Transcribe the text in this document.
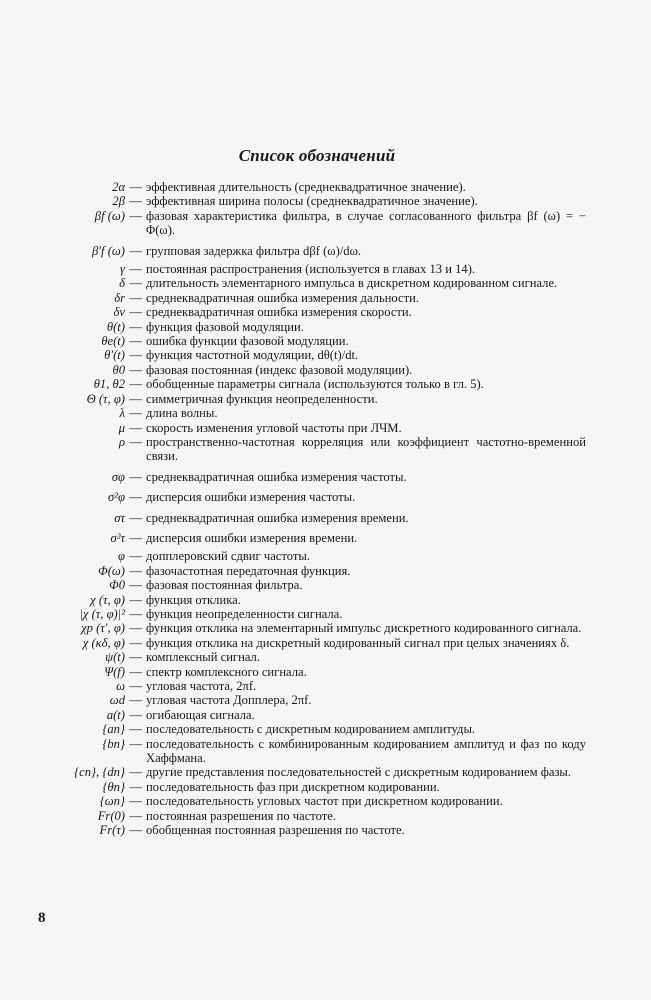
Список обозначений
2α — эффективная длительность (среднеквадратичное значение).
2β — эффективная ширина полосы (среднеквадратичное значение).
βf (ω) — фазовая характеристика фильтра, в случае согласованного фильтра βf (ω) = − Φ(ω).
β′f (ω) — групповая задержка фильтра dβf (ω)/dω.
γ — постоянная распространения (используется в главах 13 и 14).
δ — длительность элементарного импульса в дискретном кодированном сигнале.
δr — среднеквадратичная ошибка измерения дальности.
δv — среднеквадратичная ошибка измерения скорости.
θ(t) — функция фазовой модуляции.
θe(t) — ошибка функции фазовой модуляции.
θ′(t) — функция частотной модуляции, dθ(t)/dt.
θ0 — фазовая постоянная (индекс фазовой модуляции).
θ1, θ2 — обобщенные параметры сигнала (используются только в гл. 5).
Θ (τ, φ) — симметричная функция неопределенности.
λ — длина волны.
μ — скорость изменения угловой частоты при ЛЧМ.
ρ — пространственно-частотная корреляция или коэффициент частотно-временной связи.
σφ — среднеквадратичная ошибка измерения частоты.
σ²φ — дисперсия ошибки измерения частоты.
στ — среднеквадратичная ошибка измерения времени.
σ²τ — дисперсия ошибки измерения времени.
φ — допплеровский сдвиг частоты.
Φ(ω) — фазочастотная передаточная функция.
Φ0 — фазовая постоянная фильтра.
χ (τ, φ) — функция отклика.
|χ (τ, φ)|² — функция неопределенности сигнала.
χp (τ′, φ) — функция отклика на элементарный импульс дискретного кодированного сигнала.
χ (κδ, φ) — функция отклика на дискретный кодированный сигнал при целых значениях δ.
ψ(t) — комплексный сигнал.
Ψ(f) — спектр комплексного сигнала.
ω — угловая частота, 2πf.
ωd — угловая частота Допплера, 2πf.
a(t) — огибающая сигнала.
{an} — последовательность с дискретным кодированием амплитуды.
{bn} — последовательность с комбинированным кодированием амплитуд и фаз по коду Хаффмана.
{cn}, {dn} — другие представления последовательностей с дискретным кодированием фазы.
{θn} — последовательность фаз при дискретном кодировании.
{ωn} — последовательность угловых частот при дискретном кодировании.
Fr(0) — постоянная разрешения по частоте.
Fr(τ) — обобщенная постоянная разрешения по частоте.
8
